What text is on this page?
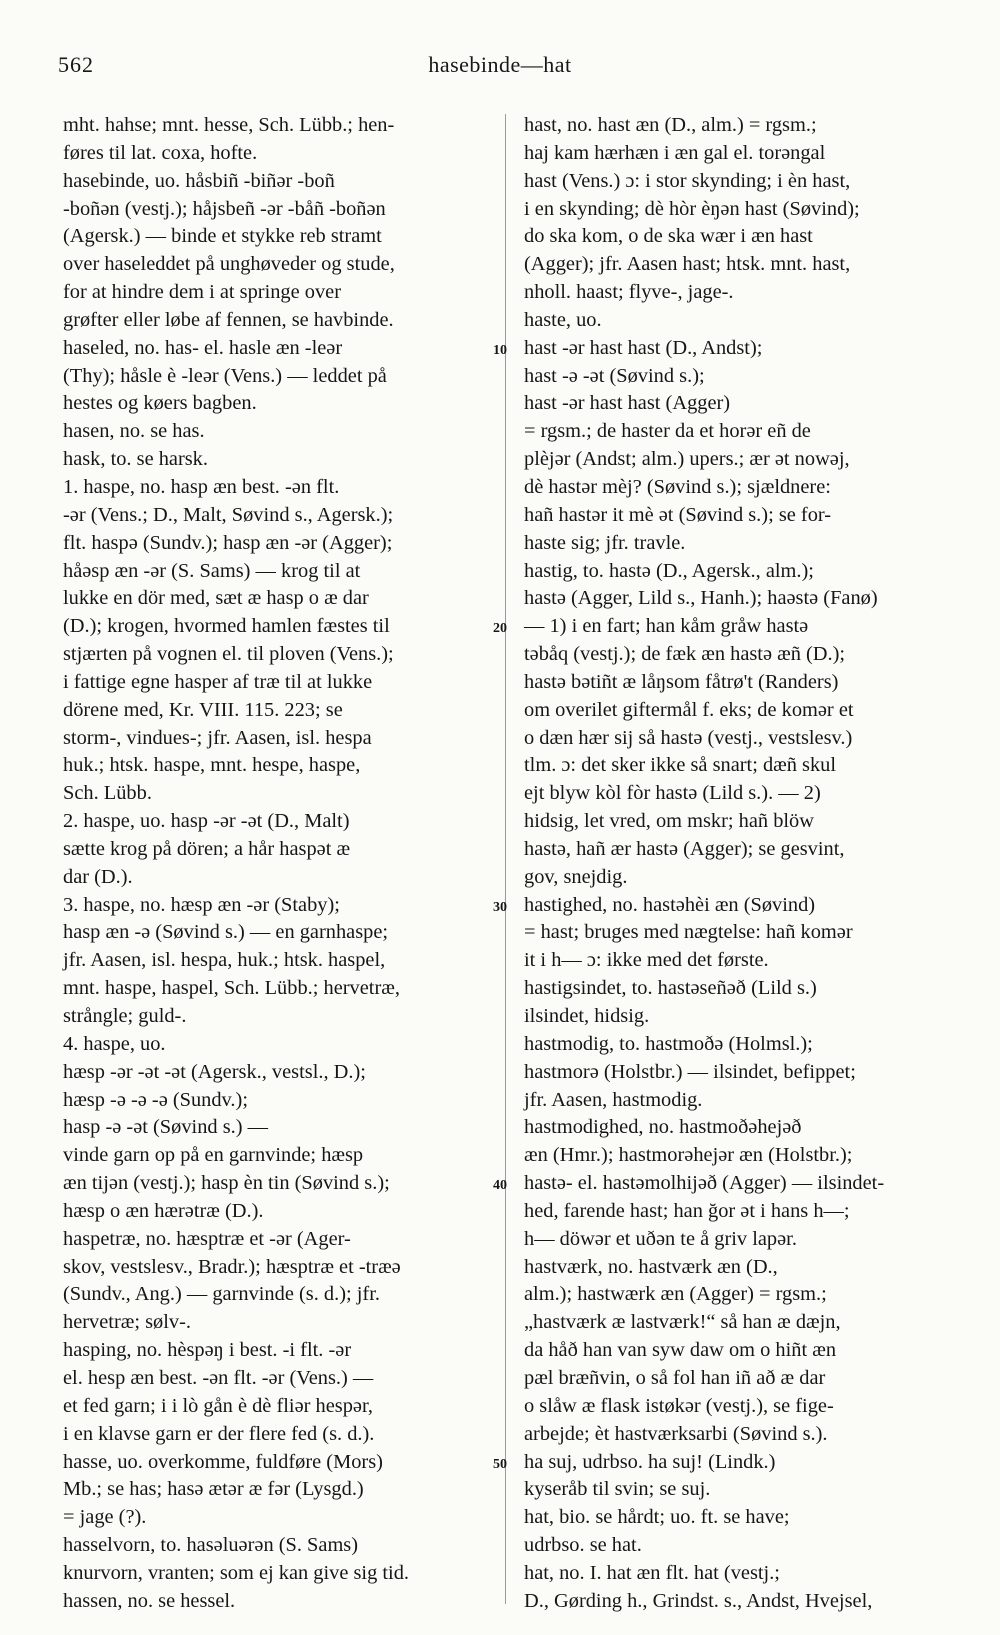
562	hasebinde—hat
mht. hahse; mnt. hesse, Sch. Lübb.; hen-
føres til lat. coxa, hofte.
hasebinde, uo. håsbiñ -biñər -boñ
-boñən (vestj.); håjsbeñ -ər -båñ -boñən
(Agersk.) — binde et stykke reb stramt
over haseleddet på unghøveder og stude,
for at hindre dem i at springe over
grøfter eller løbe af fennen, se havbinde.
haseled, no. has- el. hasle æn -leər
(Thy); håsle è -leər (Vens.) — leddet på
hestes og køers bagben.
hasen, no. se has.
hask, to. se harsk.
1. haspe, no. hasp æn best. -ən flt.
-ər (Vens.; D., Malt, Søvind s., Agersk.);
flt. haspə (Sundv.); hasp æn -ər (Agger);
håəsp æn -ər (S. Sams) — krog til at
lukke en dör med, sæt æ hasp o æ dar
(D.); krogen, hvormed hamlen fæstes til
stjærten på vognen el. til ploven (Vens.);
i fattige egne hasper af træ til at lukke
dörene med, Kr. VIII. 115. 223; se
storm-, vindues-; jfr. Aasen, isl. hespa
huk.; htsk. haspe, mnt. hespe, haspe,
Sch. Lübb.
2. haspe, uo. hasp -ər -ət (D., Malt)
sætte krog på dören; a hår haspət æ
dar (D.).
3. haspe, no. hæsp æn -ər (Staby);
hasp æn -ə (Søvind s.) — en garnhaspe;
jfr. Aasen, isl. hespa, huk.; htsk. haspel,
mnt. haspe, haspel, Sch. Lübb.; hervetræ,
strångle; guld-.
4. haspe, uo.
hæsp -ər -ət -ət (Agersk., vestsl., D.);
hæsp -ə -ə -ə (Sundv.);
hasp -ə -ət (Søvind s.) —
vinde garn op på en garnvinde; hæsp
æn tijən (vestj.); hasp èn tin (Søvind s.);
hæsp o æn hærətræ (D.).
haspetræ, no. hæsptræ et -ər (Ager-
skov, vestslesv., Bradr.); hæsptræ et -træə
(Sundv., Ang.) — garnvinde (s. d.); jfr.
hervetræ; sølv-.
hasping, no. hèspəŋ i best. -i flt. -ər
el. hesp æn best. -ən flt. -ər (Vens.) —
et fed garn; i i lò gån è dè fliər hespər,
i en klavse garn er der flere fed (s. d.).
hasse, uo. overkomme, fuldføre (Mors)
Mb.; se has; hasə ætər æ fər (Lysgd.)
= jage (?).
hasselvorn, to. hasəluərən (S. Sams)
knurvorn, vranten; som ej kan give sig tid.
hassen, no. se hessel.
hast, no. hast æn (D., alm.) = rgsm.;
haj kam hærhæn i æn gal el. torəngal
hast (Vens.) ɔ: i stor skynding; i èn hast,
i en skynding; dè hòr èŋən hast (Søvind);
do ska kom, o de ska wær i æn hast
(Agger); jfr. Aasen hast; htsk. mnt. hast,
nholl. haast; flyve-, jage-.
haste, uo.
hast -ər hast hast (D., Andst);
hast -ə -ət (Søvind s.);
hast -ər hast hast (Agger)
= rgsm.; de haster da et horər eñ de
plèjər (Andst; alm.) upers.; ær ət nowəj,
dè hastər mèj? (Søvind s.); sjældnere:
hañ hastər it mè ət (Søvind s.); se for-
haste sig; jfr. travle.
hastig, to. hastə (D., Agersk., alm.);
hastə (Agger, Lild s., Hanh.); haəstə (Fanø)
— 1) i en fart; han kåm gråw hastə
təbåq (vestj.); de fæk æn hastə æñ (D.);
hastə bətiñt æ låŋsom fåtrø't (Randers)
om overilet giftermål f. eks; de komər et
o dæn hær sij så hastə (vestj., vestslesv.)
tlm. ɔ: det sker ikke så snart; dæñ skul
ejt blyw kòl fòr hastə (Lild s.). — 2)
hidsig, let vred, om mskr; hañ blöw
hastə, hañ ær hastə (Agger); se gesvint,
gov, snejdig.
hastighed, no. hastəhèi æn (Søvind)
= hast; bruges med nægtelse: hañ komər
it i h— ɔ: ikke med det første.
hastigsindet, to. hastəseñəð (Lild s.)
ilsindet, hidsig.
hastmodig, to. hastmoðə (Holmsl.);
hastmorə (Holstbr.) — ilsindet, befippet;
jfr. Aasen, hastmodig.
hastmodighed, no. hastmoðəhejəð
æn (Hmr.); hastmorəhejər æn (Holstbr.);
hastə- el. hastəmolhijəð (Agger) — ilsindet-
hed, farende hast; han ğor ət i hans h—;
h— döwər et uðən te å griv lapər.
hastværk, no. hastværk æn (D.,
alm.); hastwærk æn (Agger) = rgsm.;
„hastværk æ lastværk!“ så han æ dæjn,
da håð han van syw daw om o hiñt æn
pæl bræñvin, o så fol han iñ að æ dar
o slåw æ flask istøkər (vestj.), se fige-
arbejde; èt hastværksarbi (Søvind s.).
ha suj, udrbso. ha suj! (Lindk.)
kyseråb til svin; se suj.
hat, bio. se hårdt; uo. ft. se have;
udrbso. se hat.
hat, no. I. hat æn flt. hat (vestj.;
D., Gørding h., Grindst. s., Andst, Hvejsel,
10
20
30
40
50
